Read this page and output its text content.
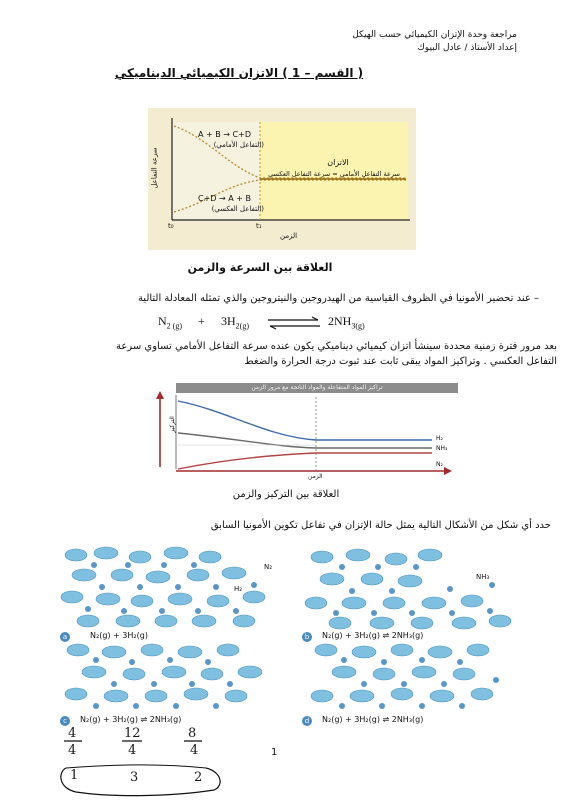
مراجعة وحدة الإتزان الكيميائي حسب الهيكل
إعداد الأستاذ / عادل البيوك
( القسم – 1 ) الاتزان الكيميائي الديناميكي
A + B → C+D
(التفاعل الأمامي)
C+D → A + B
(التفاعل العكسي)
الاتزان
سرعة التفاعل الأمامي = سرعة التفاعل العكسي
سرعة التفاعل
الزمن
t₀	t₁
العلاقة بين السرعة والزمن
– عند تحضير الأمونيا في الظروف القياسية من الهيدروجين والنيتروجين والذي تمثله المعادلة التالية
$N_{2 (g)} + 3H_{2(g)}$	$2NH_{3(g)}$
بعد مرور فترة زمنية محددة سينشأ اتزان كيميائي ديناميكي يكون عنده سرعة التفاعل الأمامي تساوي سرعة
التفاعل العكسي . وتراكيز المواد يبقى ثابت عند ثبوت درجة الحرارة والضغط
تراكيز المواد المتفاعلة والمواد الناتجة مع مرور الزمن
التركيز
الزمن
H₂
NH₃
N₂
العلاقة بين التركيز والزمن
حدد أي شكل من الأشكال التالية يمثل حالة الإتزان في تفاعل تكوين الأمونيا السابق
N₂
H₂
a	N₂(g) + 3H₂(g)
NH₃
b	N₂(g) + 3H₂(g) ⇌ 2NH₃(g)
c	N₂(g) + 3H₂(g) ⇌ 2NH₃(g)	d	N₂(g) + 3H₂(g) ⇌ 2NH₃(g)
4	12	8
4	4	4
1	3	2
1
